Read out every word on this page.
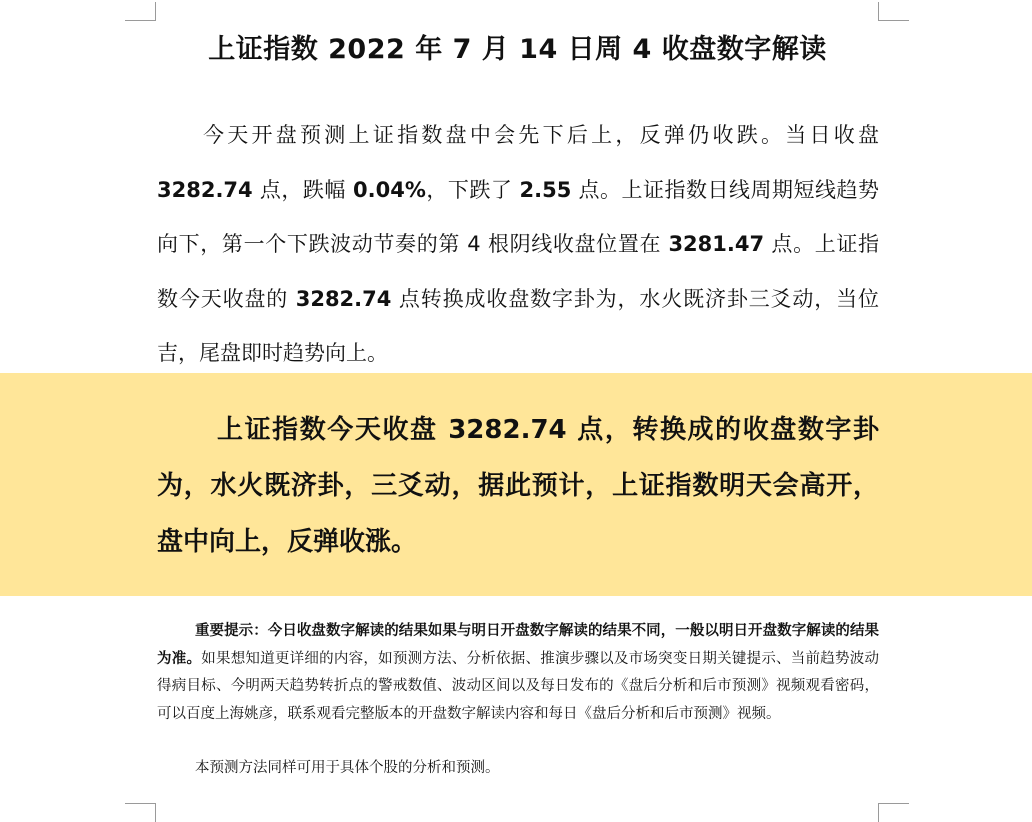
上证指数 2022 年 7 月 14 日周 4 收盘数字解读

今天开盘预测上证指数盘中会先下后上，反弹仍收跌。当日收盘3282.74 点，跌幅 0.04%，下跌了 2.55 点。上证指数日线周期短线趋势向下，第一个下跌波动节奏的第 4 根阴线收盘位置在 3281.47 点。上证指数今天收盘的 3282.74 点转换成收盘数字卦为，水火既济卦三爻动，当位吉，尾盘即时趋势向上。

上证指数今天收盘 3282.74 点，转换成的收盘数字卦为，水火既济卦，三爻动，据此预计，上证指数明天会高开，盘中向上，反弹收涨。

重要提示：今日收盘数字解读的结果如果与明日开盘数字解读的结果不同，一般以明日开盘数字解读的结果为准。如果想知道更详细的内容，如预测方法、分析依据、推演步骤以及市场突变日期关键提示、当前趋势波动得病目标、今明两天趋势转折点的警戒数值、波动区间以及每日发布的《盘后分析和后市预测》视频观看密码，可以百度上海姚彦，联系观看完整版本的开盘数字解读内容和每日《盘后分析和后市预测》视频。

本预测方法同样可用于具体个股的分析和预测。
